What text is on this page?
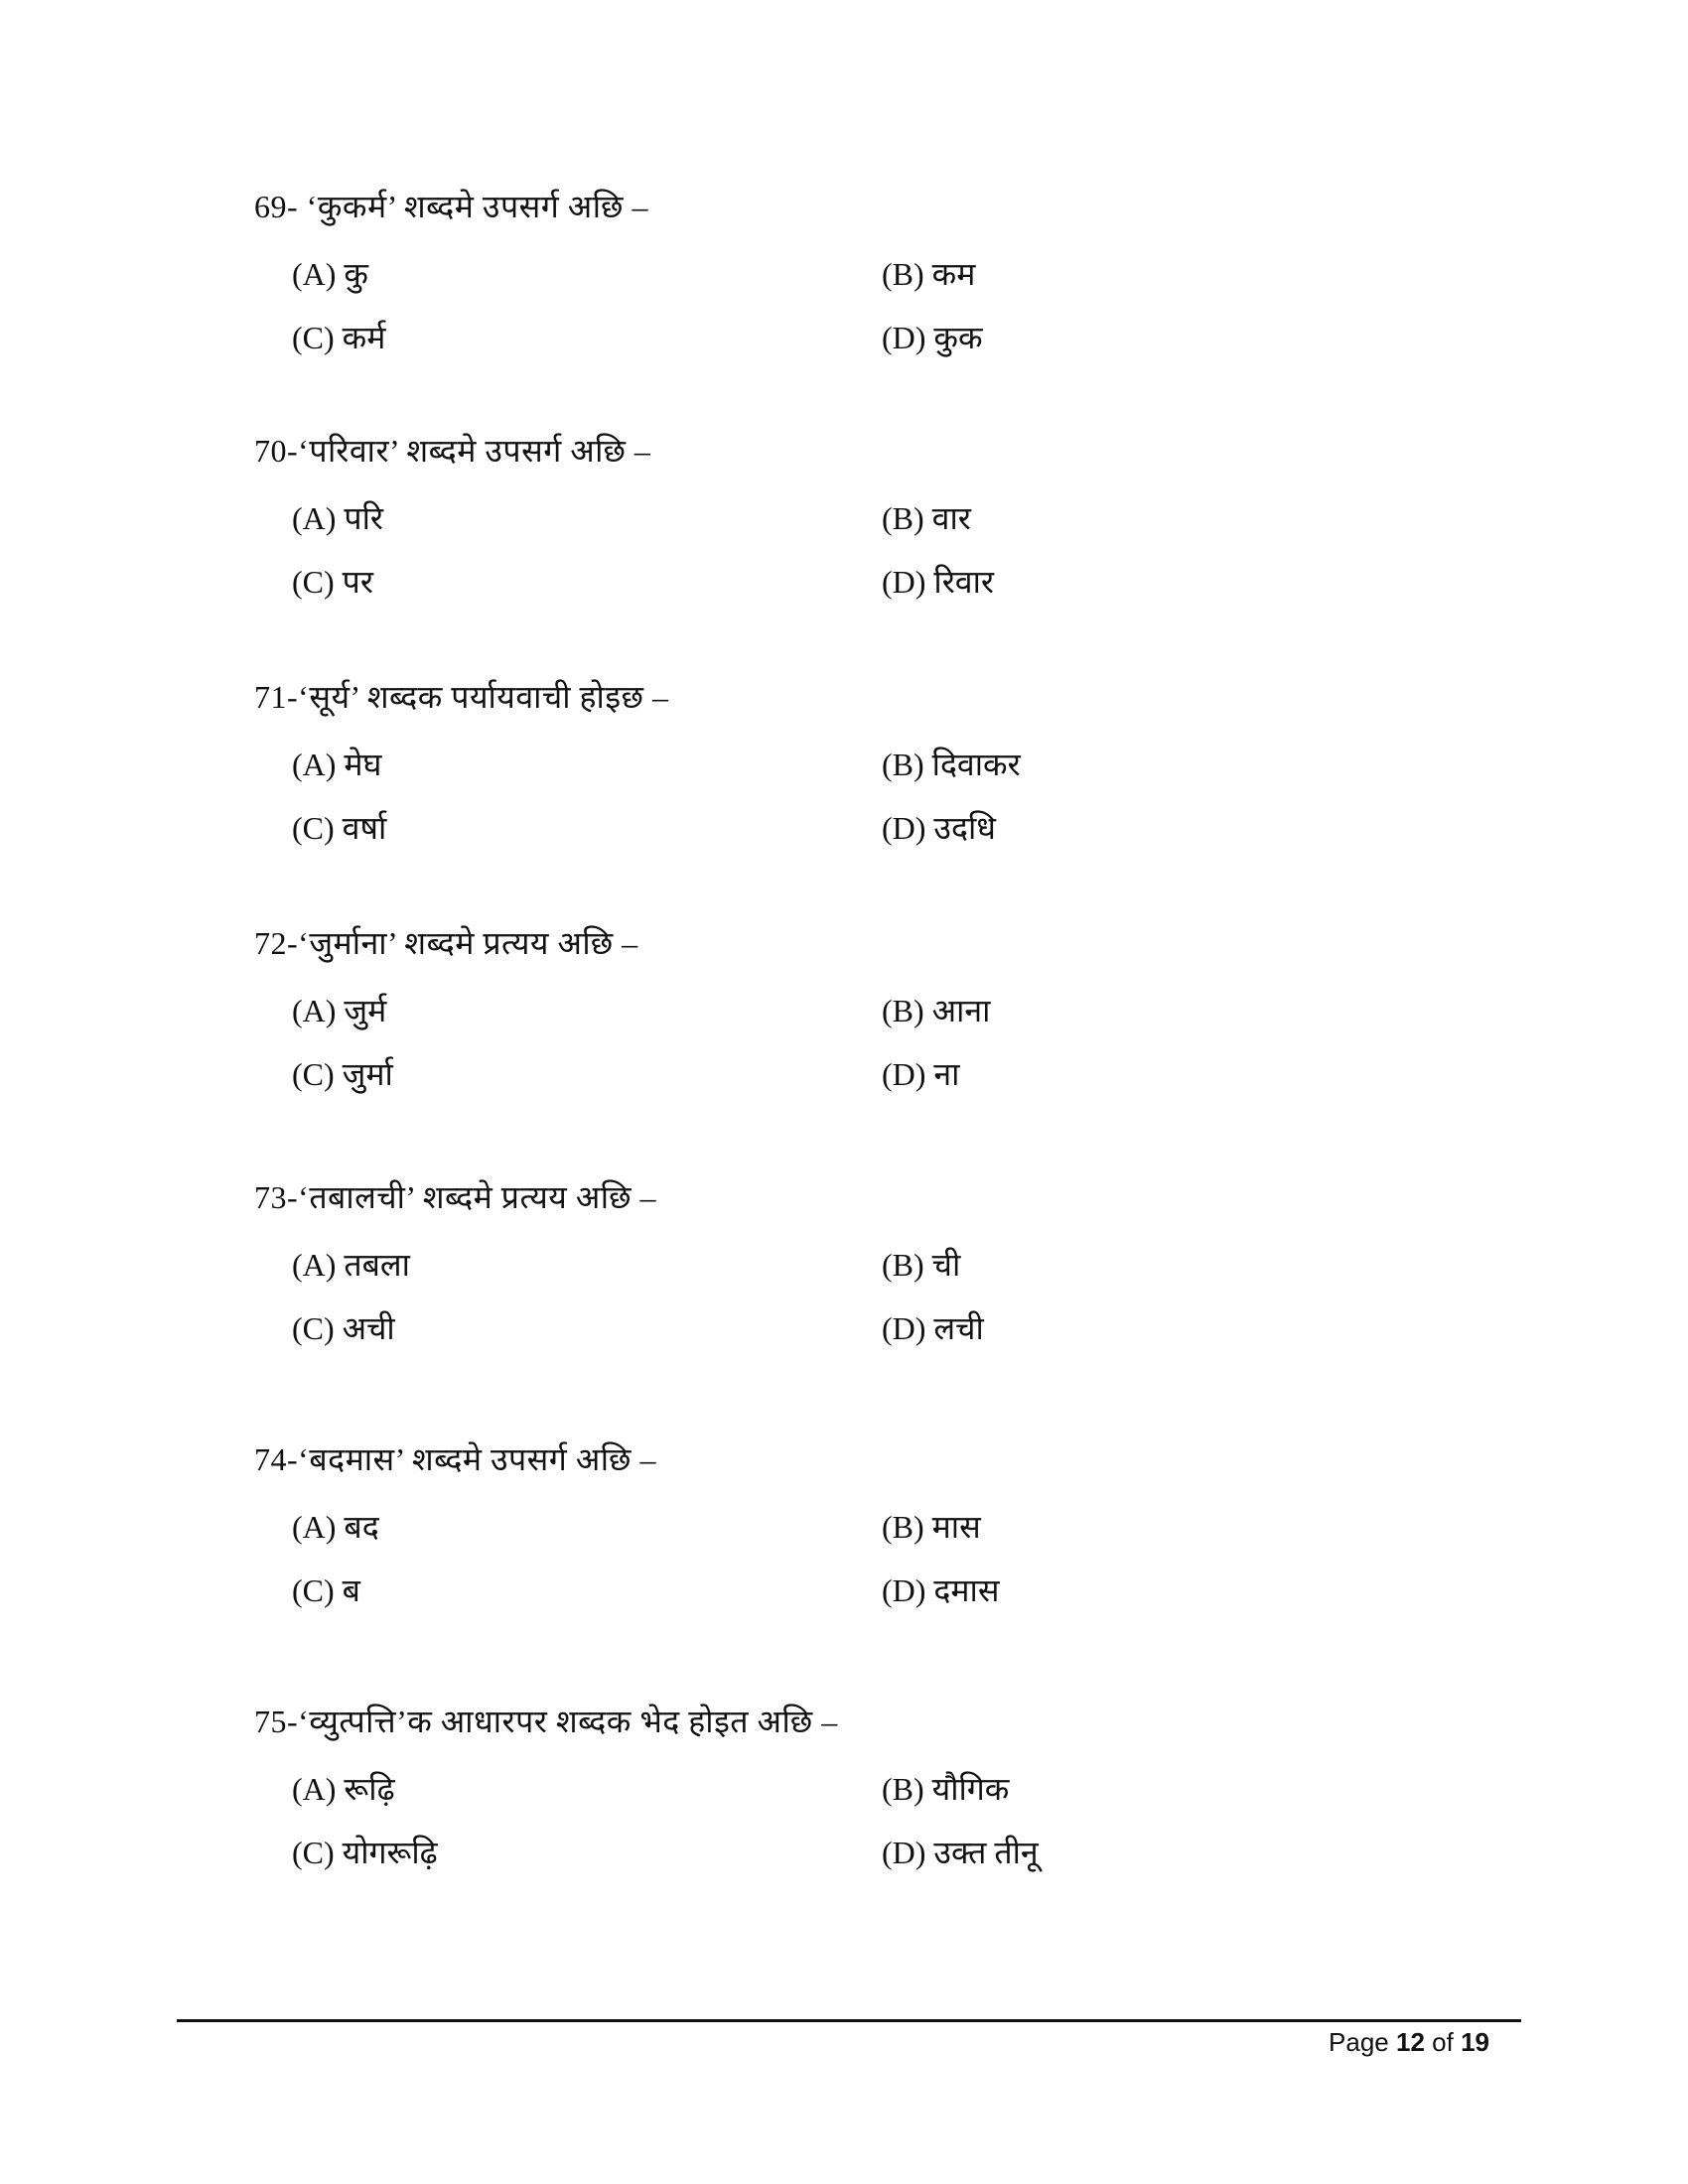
69- ‘कुकर्म’ शब्दमे उपसर्ग अछि –
(A) कु	(B) कम
(C) कर्म	(D) कुक
70-‘परिवार’ शब्दमे उपसर्ग अछि –
(A) परि	(B) वार
(C) पर	(D) रिवार
71-‘सूर्य’ शब्दक पर्यायवाची होइछ –
(A) मेघ	(B) दिवाकर
(C) वर्षा	(D) उदधि
72-‘जुर्माना’ शब्दमे प्रत्यय अछि –
(A) जुर्म	(B) आना
(C) जुर्मा	(D) ना
73-‘तबालची’ शब्दमे प्रत्यय अछि –
(A) तबला	(B) ची
(C) अची	(D) लची
74-‘बदमास’ शब्दमे उपसर्ग अछि –
(A) बद	(B) मास
(C) ब	(D) दमास
75-‘व्युत्पत्ति’क आधारपर शब्दक भेद होइत अछि –
(A) रूढ़ि	(B) यौगिक
(C) योगरूढ़ि	(D) उक्त तीनू
Page 12 of 19
